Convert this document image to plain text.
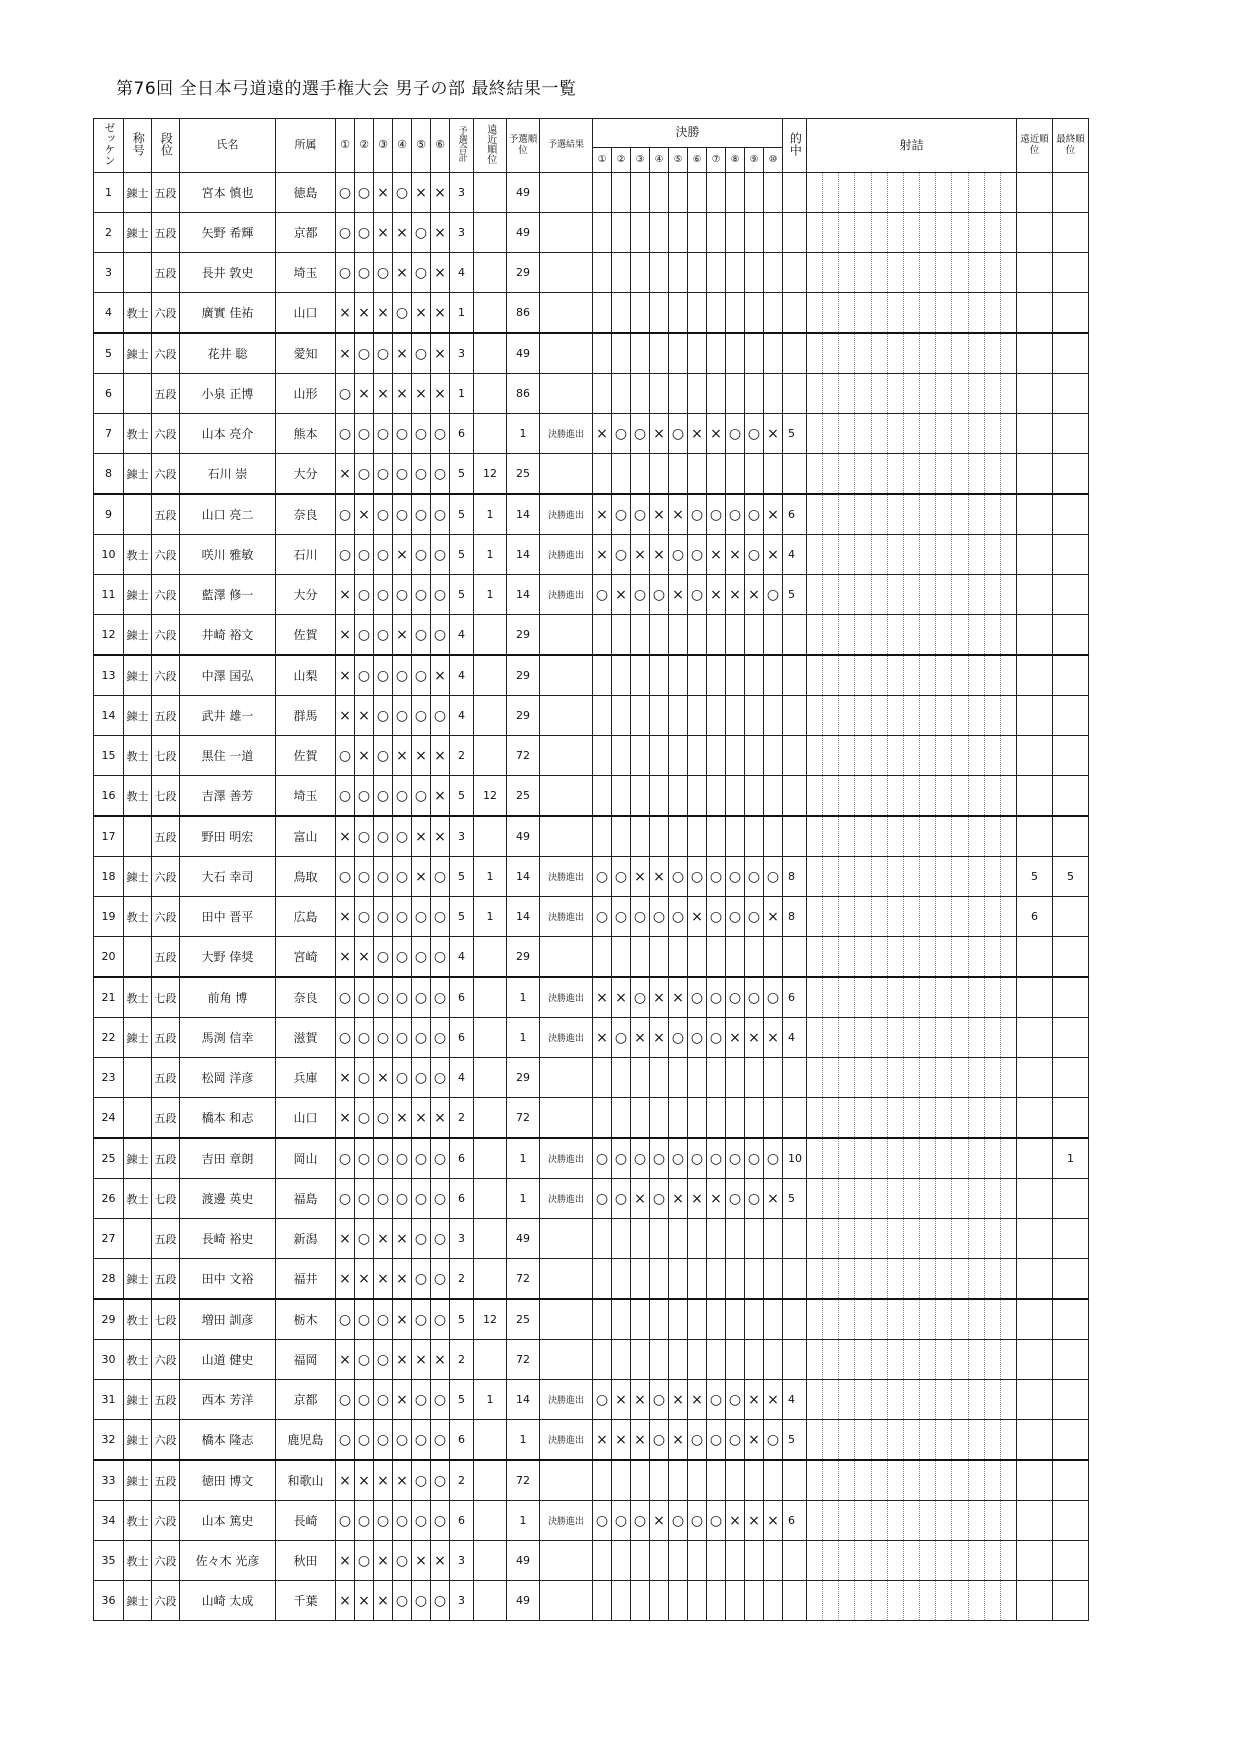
第76回 全日本弓道遠的選手権大会 男子の部 最終結果一覧
ゼッケン	称号	段位	氏名	所属	①	②	③	④	⑤	⑥	予選合計	遠近順位	予選順位	予選結果	決勝										的中	射詰	遠近順位	最終順位
															①	②	③	④	⑤	⑥	⑦	⑧	⑨	⑩				
1	錬士	五段	宮本 慎也	徳島	○	○	×	○	×	×	3		49													

2	錬士	五段	矢野 希輝	京都	○	○	×	×	○	×	3		49													

3		五段	長井 敦史	埼玉	○	○	○	×	○	×	4		29													

4	教士	六段	廣實 佳祐	山口	×	×	×	○	×	×	1		86													

5	錬士	六段	花井 聡	愛知	×	○	○	×	○	×	3		49													

6		五段	小泉 正博	山形	○	×	×	×	×	×	1		86													

7	教士	六段	山本 亮介	熊本	○	○	○	○	○	○	6		1	決勝進出	×	○	○	×	○	×	×	○	○	×	5	

8	錬士	六段	石川 崇	大分	×	○	○	○	○	○	5	12	25													

9		五段	山口 亮二	奈良	○	×	○	○	○	○	5	1	14	決勝進出	×	○	○	×	×	○	○	○	○	×	6	

10	教士	六段	咲川 雅敏	石川	○	○	○	×	○	○	5	1	14	決勝進出	×	○	×	×	○	○	×	×	○	×	4	

11	錬士	六段	藍澤 修一	大分	×	○	○	○	○	○	5	1	14	決勝進出	○	×	○	○	×	○	×	×	×	○	5	

12	錬士	六段	井崎 裕文	佐賀	×	○	○	×	○	○	4		29													

13	錬士	六段	中澤 国弘	山梨	×	○	○	○	○	×	4		29													

14	錬士	五段	武井 雄一	群馬	×	×	○	○	○	○	4		29													

15	教士	七段	黒住 一道	佐賀	○	×	○	×	×	×	2		72													

16	教士	七段	吉澤 善芳	埼玉	○	○	○	○	○	×	5	12	25													

17		五段	野田 明宏	富山	×	○	○	○	×	×	3		49													

18	錬士	六段	大石 幸司	鳥取	○	○	○	○	×	○	5	1	14	決勝進出	○	○	×	×	○	○	○	○	○	○	8		5	5
19	教士	六段	田中 晋平	広島	×	○	○	○	○	○	5	1	14	決勝進出	○	○	○	○	○	×	○	○	○	×	8		6	
20		五段	大野 倖奨	宮崎	×	×	○	○	○	○	4		29													

21	教士	七段	前角 博	奈良	○	○	○	○	○	○	6		1	決勝進出	×	×	○	×	×	○	○	○	○	○	6	

22	錬士	五段	馬渕 信幸	滋賀	○	○	○	○	○	○	6		1	決勝進出	×	○	×	×	○	○	○	×	×	×	4	

23		五段	松岡 洋彦	兵庫	×	○	×	○	○	○	4		29													

24		五段	橋本 和志	山口	×	○	○	×	×	×	2		72													

25	錬士	五段	吉田 章朗	岡山	○	○	○	○	○	○	6		1	決勝進出	○	○	○	○	○	○	○	○	○	○	10			1
26	教士	七段	渡邊 英史	福島	○	○	○	○	○	○	6		1	決勝進出	○	○	×	○	×	×	×	○	○	×	5	

27		五段	長崎 裕史	新潟	×	○	×	×	○	○	3		49													

28	錬士	五段	田中 文裕	福井	×	×	×	×	○	○	2		72													

29	教士	七段	増田 訓彦	栃木	○	○	○	×	○	○	5	12	25													

30	教士	六段	山道 健史	福岡	×	○	○	×	×	×	2		72													

31	錬士	五段	西本 芳洋	京都	○	○	○	×	○	○	5	1	14	決勝進出	○	×	×	○	×	×	○	○	×	×	4	

32	錬士	六段	橋本 隆志	鹿児島	○	○	○	○	○	○	6		1	決勝進出	×	×	×	○	×	○	○	○	×	○	5	

33	錬士	五段	徳田 博文	和歌山	×	×	×	×	○	○	2		72													

34	教士	六段	山本 篤史	長崎	○	○	○	○	○	○	6		1	決勝進出	○	○	○	×	○	○	○	×	×	×	6	

35	教士	六段	佐々木 光彦	秋田	×	○	×	○	×	×	3		49													

36	錬士	六段	山崎 太成	千葉	×	×	×	○	○	○	3		49													
